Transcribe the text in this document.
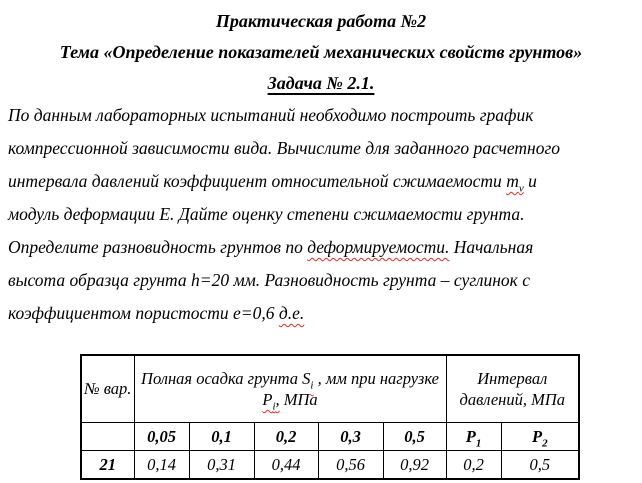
Практическая работа №2

Тема «Определение показателей механических свойств грунтов»

Задача № 2.1.

По данным лабораторных испытаний необходимо построить график

компрессионной зависимости вида. Вычислите для заданного расчетного

интервала давлений коэффициент относительной сжимаемости $m_v$ и

модуль деформации Е. Дайте оценку степени сжимаемости грунта.

Определите разновидность грунтов по деформируемости. Начальная

высота образца грунта h=20 мм. Разновидность грунта – суглинок с

коэффициентом пористости е=0,6 д.е.

№ вар.	Полная осадка грунта $S_i$ , мм при нагрузке $P_i$, МПа					Интервал давлений, МПа	
	0,05	0,1	0,2	0,3	0,5	$P_1$	$P_2$
21	0,14	0,31	0,44	0,56	0,92	0,2	0,5
